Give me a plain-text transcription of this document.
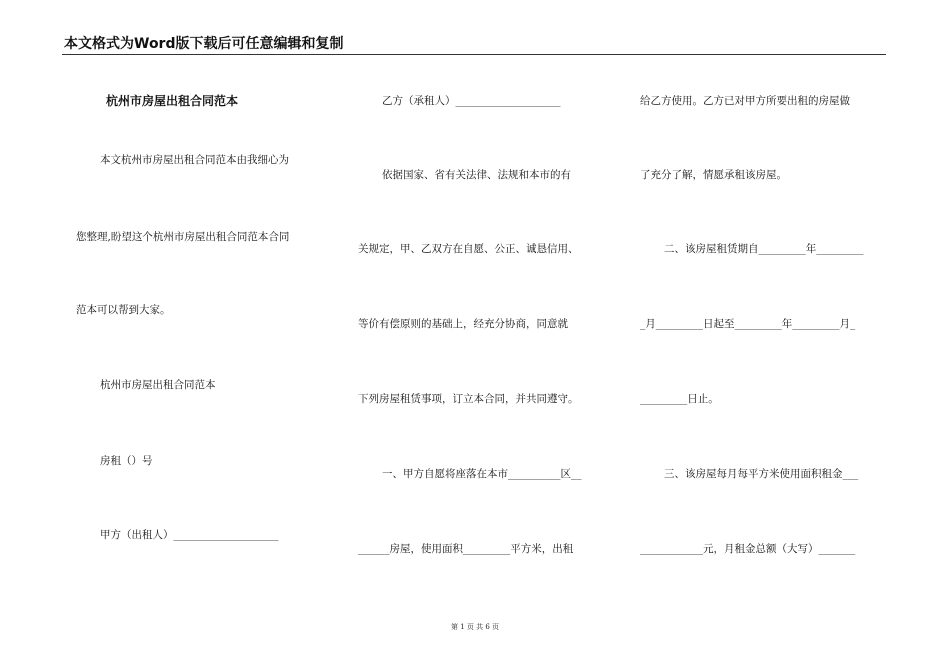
本文格式为Word版下载后可任意编辑和复制
杭州市房屋出租合同范本
本文杭州市房屋出租合同范本由我细心为
您整理,盼望这个杭州市房屋出租合同范本合同
范本可以帮到大家。
杭州市房屋出租合同范本
房租（）号
甲方（出租人）____________________
乙方（承租人）____________________
依据国家、省有关法律、法规和本市的有
关规定，甲、乙双方在自愿、公正、诚恳信用、
等价有偿原则的基础上，经充分协商，同意就
下列房屋租赁事项，订立本合同，并共同遵守。
一、甲方自愿将座落在本市__________区__
______房屋，使用面积_________平方米，出租
给乙方使用。乙方已对甲方所要出租的房屋做
了充分了解，情愿承租该房屋。
二、该房屋租赁期自_________年_________
_月_________日起至_________年_________月_
_________日止。
三、该房屋每月每平方米使用面积租金___
____________元，月租金总额（大写）_______
第 1 页 共 6 页
